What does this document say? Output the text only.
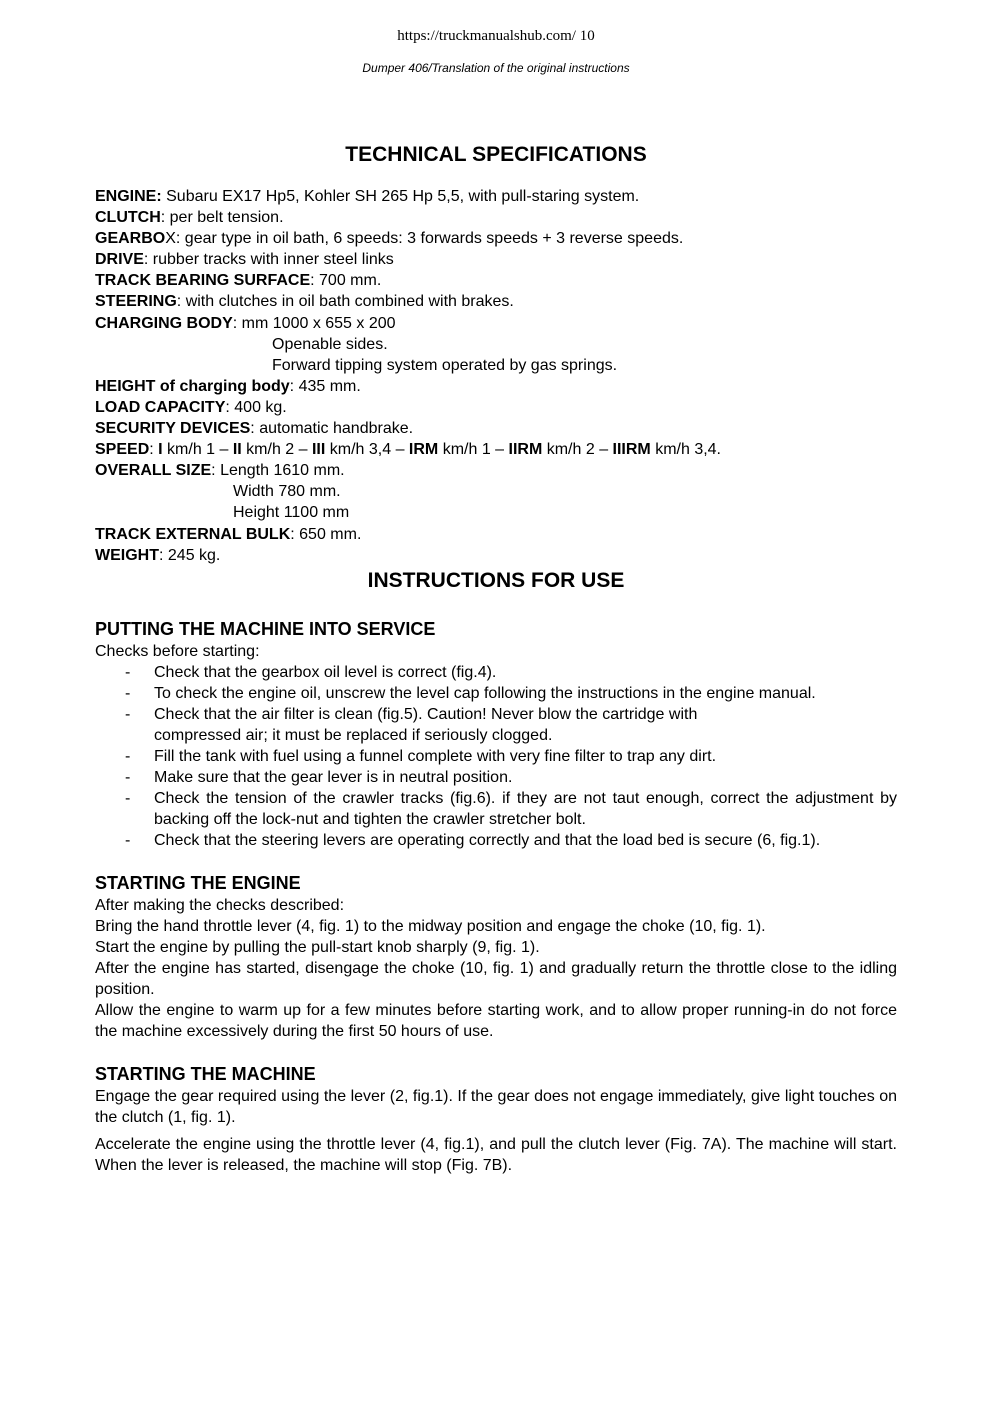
https://truckmanualshub.com/ 10
Dumper 406/Translation of the original instructions
TECHNICAL SPECIFICATIONS
ENGINE: Subaru EX17 Hp5, Kohler SH 265 Hp 5,5, with pull-staring system.
CLUTCH: per belt tension.
GEARBOX: gear type in oil bath, 6 speeds: 3 forwards speeds + 3 reverse speeds.
DRIVE: rubber tracks with inner steel links
TRACK BEARING SURFACE: 700 mm.
STEERING: with clutches in oil bath combined with brakes.
CHARGING BODY: mm 1000 x 655 x 200
Openable sides.
Forward tipping system operated by gas springs.
HEIGHT of charging body: 435 mm.
LOAD CAPACITY: 400 kg.
SECURITY DEVICES: automatic handbrake.
SPEED: I km/h 1 – II km/h 2 – III km/h 3,4 – IRM km/h 1 – IIRM km/h 2 – IIIRM km/h 3,4.
OVERALL SIZE: Length 1610 mm.
Width 780 mm.
Height 1100 mm
TRACK EXTERNAL BULK: 650 mm.
WEIGHT: 245 kg.
INSTRUCTIONS FOR USE
PUTTING THE MACHINE INTO SERVICE
Checks before starting:
- Check that the gearbox oil level is correct (fig.4).
- To check the engine oil, unscrew the level cap following the instructions in the engine manual.
- Check that the air filter is clean (fig.5). Caution! Never blow the cartridge with compressed air; it must be replaced if seriously clogged.
- Fill the tank with fuel using a funnel complete with very fine filter to trap any dirt.
- Make sure that the gear lever is in neutral position.
- Check the tension of the crawler tracks (fig.6). if they are not taut enough, correct the adjustment by backing off the lock-nut and tighten the crawler stretcher bolt.
- Check that the steering levers are operating correctly and that the load bed is secure (6, fig.1).
STARTING THE ENGINE
After making the checks described:
Bring the hand throttle lever (4, fig. 1) to the midway position and engage the choke (10, fig. 1).
Start the engine by pulling the pull-start knob sharply (9, fig. 1).
After the engine has started, disengage the choke (10, fig. 1) and gradually return the throttle close to the idling position.
Allow the engine to warm up for a few minutes before starting work, and to allow proper running-in do not force the machine excessively during the first 50 hours of use.
STARTING THE MACHINE
Engage the gear required using the lever (2, fig.1). If the gear does not engage immediately, give light touches on the clutch (1, fig. 1).
Accelerate the engine using the throttle lever (4, fig.1), and pull the clutch lever (Fig. 7A). The machine will start. When the lever is released, the machine will stop (Fig. 7B).
